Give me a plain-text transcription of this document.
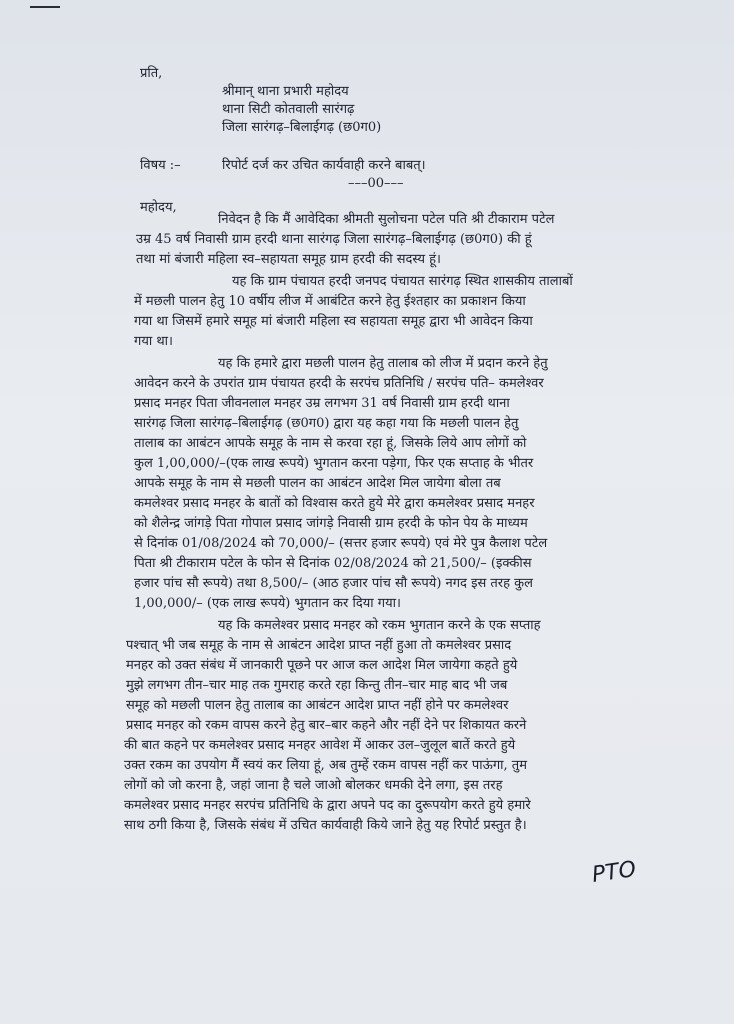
प्रति,
श्रीमान् थाना प्रभारी महोदय
थाना सिटी कोतवाली सारंगढ़
जिला सारंगढ़–बिलाईगढ़ (छ0ग0)
विषय :–	रिपोर्ट दर्ज कर उचित कार्यवाही करने बाबत्।
–––00–––
महोदय,
निवेदन है कि मैं आवेदिका श्रीमती सुलोचना पटेल पति श्री टीकाराम पटेल
उम्र 45 वर्ष निवासी ग्राम हरदी थाना सारंगढ़ जिला सारंगढ़–बिलाईगढ़ (छ0ग0) की हूं
तथा मां बंजारी महिला स्व–सहायता समूह ग्राम हरदी की सदस्य हूं।
यह कि ग्राम पंचायत हरदी जनपद पंचायत सारंगढ़ स्थित शासकीय तालाबों
में मछली पालन हेतु 10 वर्षीय लीज में आबंटित करने हेतु ईश्तहार का प्रकाशन किया
गया था जिसमें हमारे समूह मां बंजारी महिला स्व सहायता समूह द्वारा भी आवेदन किया
गया था।
यह कि हमारे द्वारा मछली पालन हेतु तालाब को लीज में प्रदान करने हेतु
आवेदन करने के उपरांत ग्राम पंचायत हरदी के सरपंच प्रतिनिधि / सरपंच पति– कमलेश्वर
प्रसाद मनहर पिता जीवनलाल मनहर उम्र लगभग 31 वर्ष निवासी ग्राम हरदी थाना
सारंगढ़ जिला सारंगढ़–बिलाईगढ़ (छ0ग0) द्वारा यह कहा गया कि मछली पालन हेतु
तालाब का आबंटन आपके समूह के नाम से करवा रहा हूं, जिसके लिये आप लोगों को
कुल 1,00,000/–(एक लाख रूपये) भुगतान करना पड़ेगा, फिर एक सप्ताह के भीतर
आपके समूह के नाम से मछली पालन का आबंटन आदेश मिल जायेगा बोला तब
कमलेश्वर प्रसाद मनहर के बातों को विश्वास करते हुये मेरे द्वारा कमलेश्वर प्रसाद मनहर
को शैलेन्द्र जांगड़े पिता गोपाल प्रसाद जांगड़े निवासी ग्राम हरदी के फोन पेय के माध्यम
से दिनांक 01/08/2024 को 70,000/– (सत्तर हजार रूपये) एवं मेरे पुत्र कैलाश पटेल
पिता श्री टीकाराम पटेल के फोन से दिनांक 02/08/2024 को 21,500/– (इक्कीस
हजार पांच सौ रूपये) तथा 8,500/– (आठ हजार पांच सौ रूपये) नगद इस तरह कुल
1,00,000/– (एक लाख रूपये) भुगतान कर दिया गया।
यह कि कमलेश्वर प्रसाद मनहर को रकम भुगतान करने के एक सप्ताह
पश्चात् भी जब समूह के नाम से आबंटन आदेश प्राप्त नहीं हुआ तो कमलेश्वर प्रसाद
मनहर को उक्त संबंध में जानकारी पूछने पर आज कल आदेश मिल जायेगा कहते हुये
मुझे लगभग तीन–चार माह तक गुमराह करते रहा किन्तु तीन–चार माह बाद भी जब
समूह को मछली पालन हेतु तालाब का आबंटन आदेश प्राप्त नहीं होने पर कमलेश्वर
प्रसाद मनहर को रकम वापस करने हेतु बार–बार कहने और नहीं देने पर शिकायत करने
की बात कहने पर कमलेश्वर प्रसाद मनहर आवेश में आकर उल–जुलूल बातें करते हुये
उक्त रकम का उपयोग मैं स्वयं कर लिया हूं, अब तुम्हें रकम वापस नहीं कर पाऊंगा, तुम
लोगों को जो करना है, जहां जाना है चले जाओ बोलकर धमकी देने लगा, इस तरह
कमलेश्वर प्रसाद मनहर सरपंच प्रतिनिधि के द्वारा अपने पद का दुरूपयोग करते हुये हमारे
साथ ठगी किया है, जिसके संबंध में उचित कार्यवाही किये जाने हेतु यह रिपोर्ट प्रस्तुत है।
PTO
